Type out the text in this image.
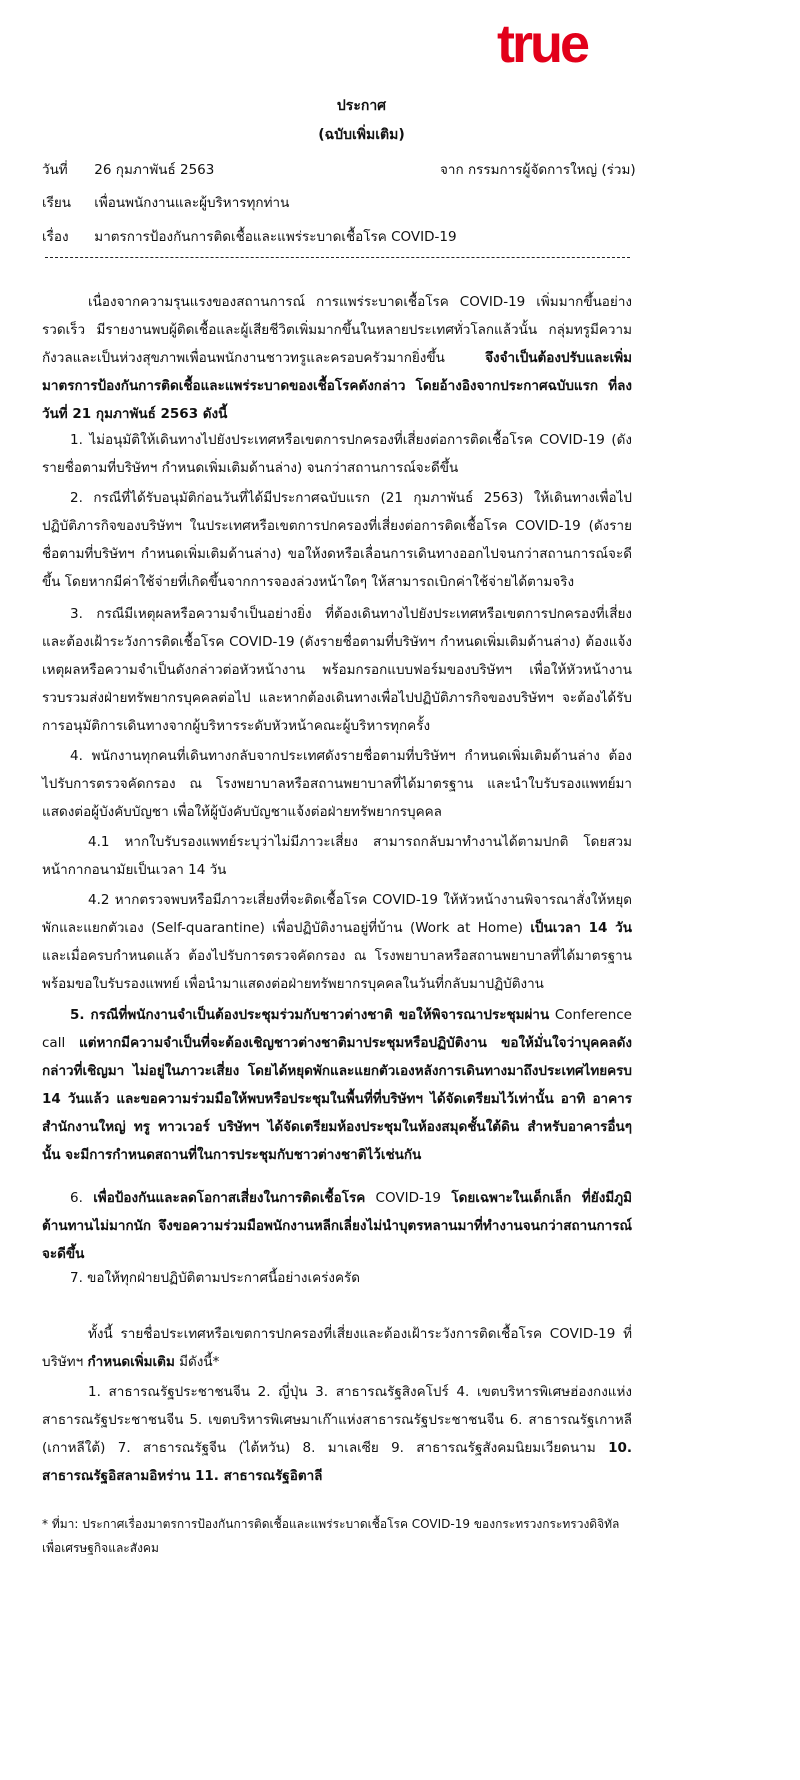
true
ประกาศ
(ฉบับเพิ่มเติม)
วันที่ 26 กุมภาพันธ์ 2563	จาก กรรมการผู้จัดการใหญ่ (ร่วม)
เรียน เพื่อนพนักงานและผู้บริหารทุกท่าน
เรื่อง มาตรการป้องกันการติดเชื้อและแพร่ระบาดเชื้อโรค COVID-19

เนื่องจากความรุนแรงของสถานการณ์ การแพร่ระบาดเชื้อโรค COVID-19 เพิ่มมากขึ้นอย่างรวดเร็ว มีรายงานพบผู้ติดเชื้อและผู้เสียชีวิตเพิ่มมากขึ้นในหลายประเทศทั่วโลกแล้วนั้น กลุ่มทรูมีความกังวลและเป็นห่วงสุขภาพเพื่อนพนักงานชาวทรูและครอบครัวมากยิ่งขึ้น	จึงจำเป็นต้องปรับและเพิ่มมาตรการป้องกันการติดเชื้อและแพร่ระบาดของเชื้อโรคดังกล่าว โดยอ้างอิงจากประกาศฉบับแรก ที่ลงวันที่ 21 กุมภาพันธ์ 2563 ดังนี้

1. ไม่อนุมัติให้เดินทางไปยังประเทศหรือเขตการปกครองที่เสี่ยงต่อการติดเชื้อโรค COVID-19 (ดังรายชื่อตามที่บริษัทฯ กำหนดเพิ่มเติมด้านล่าง) จนกว่าสถานการณ์จะดีขึ้น

2. กรณีที่ได้รับอนุมัติก่อนวันที่ได้มีประกาศฉบับแรก (21 กุมภาพันธ์ 2563) ให้เดินทางเพื่อไปปฏิบัติภารกิจของบริษัทฯ ในประเทศหรือเขตการปกครองที่เสี่ยงต่อการติดเชื้อโรค COVID-19 (ดังรายชื่อตามที่บริษัทฯ กำหนดเพิ่มเติมด้านล่าง) ขอให้งดหรือเลื่อนการเดินทางออกไปจนกว่าสถานการณ์จะดีขึ้น โดยหากมีค่าใช้จ่ายที่เกิดขึ้นจากการจองล่วงหน้าใดๆ ให้สามารถเบิกค่าใช้จ่ายได้ตามจริง

3. กรณีมีเหตุผลหรือความจำเป็นอย่างยิ่ง ที่ต้องเดินทางไปยังประเทศหรือเขตการปกครองที่เสี่ยงและต้องเฝ้าระวังการติดเชื้อโรค COVID-19 (ดังรายชื่อตามที่บริษัทฯ กำหนดเพิ่มเติมด้านล่าง) ต้องแจ้งเหตุผลหรือความจำเป็นดังกล่าวต่อหัวหน้างาน พร้อมกรอกแบบฟอร์มของบริษัทฯ เพื่อให้หัวหน้างานรวบรวมส่งฝ่ายทรัพยากรบุคคลต่อไป และหากต้องเดินทางเพื่อไปปฏิบัติภารกิจของบริษัทฯ จะต้องได้รับการอนุมัติการเดินทางจากผู้บริหารระดับหัวหน้าคณะผู้บริหารทุกครั้ง

4. พนักงานทุกคนที่เดินทางกลับจากประเทศดังรายชื่อตามที่บริษัทฯ กำหนดเพิ่มเติมด้านล่าง ต้องไปรับการตรวจคัดกรอง ณ โรงพยาบาลหรือสถานพยาบาลที่ได้มาตรฐาน และนำใบรับรองแพทย์มาแสดงต่อผู้บังคับบัญชา เพื่อให้ผู้บังคับบัญชาแจ้งต่อฝ่ายทรัพยากรบุคคล

4.1 หากใบรับรองแพทย์ระบุว่าไม่มีภาวะเสี่ยง สามารถกลับมาทำงานได้ตามปกติ โดยสวมหน้ากากอนามัยเป็นเวลา 14 วัน

4.2 หากตรวจพบหรือมีภาวะเสี่ยงที่จะติดเชื้อโรค COVID-19 ให้หัวหน้างานพิจารณาสั่งให้หยุดพักและแยกตัวเอง (Self-quarantine) เพื่อปฏิบัติงานอยู่ที่บ้าน (Work at Home) เป็นเวลา 14 วัน และเมื่อครบกำหนดแล้ว ต้องไปรับการตรวจคัดกรอง ณ โรงพยาบาลหรือสถานพยาบาลที่ได้มาตรฐาน พร้อมขอใบรับรองแพทย์ เพื่อนำมาแสดงต่อฝ่ายทรัพยากรบุคคลในวันที่กลับมาปฏิบัติงาน

5. กรณีที่พนักงานจำเป็นต้องประชุมร่วมกับชาวต่างชาติ ขอให้พิจารณาประชุมผ่าน Conference call แต่หากมีความจำเป็นที่จะต้องเชิญชาวต่างชาติมาประชุมหรือปฏิบัติงาน ขอให้มั่นใจว่าบุคคลดังกล่าวที่เชิญมา ไม่อยู่ในภาวะเสี่ยง โดยได้หยุดพักและแยกตัวเองหลังการเดินทางมาถึงประเทศไทยครบ 14 วันแล้ว และขอความร่วมมือให้พบหรือประชุมในพื้นที่ที่บริษัทฯ ได้จัดเตรียมไว้เท่านั้น อาทิ อาคารสำนักงานใหญ่ ทรู ทาวเวอร์ บริษัทฯ ได้จัดเตรียมห้องประชุมในห้องสมุดชั้นใต้ดิน สำหรับอาคารอื่นๆ นั้น จะมีการกำหนดสถานที่ในการประชุมกับชาวต่างชาติไว้เช่นกัน

6. เพื่อป้องกันและลดโอกาสเสี่ยงในการติดเชื้อโรค COVID-19 โดยเฉพาะในเด็กเล็ก ที่ยังมีภูมิต้านทานไม่มากนัก จึงขอความร่วมมือพนักงานหลีกเลี่ยงไม่นำบุตรหลานมาที่ทำงานจนกว่าสถานการณ์จะดีขึ้น

7. ขอให้ทุกฝ่ายปฏิบัติตามประกาศนี้อย่างเคร่งครัด

ทั้งนี้ รายชื่อประเทศหรือเขตการปกครองที่เสี่ยงและต้องเฝ้าระวังการติดเชื้อโรค COVID-19 ที่บริษัทฯ กำหนดเพิ่มเติม มีดังนี้*

1. สาธารณรัฐประชาชนจีน 2. ญี่ปุ่น 3. สาธารณรัฐสิงคโปร์ 4. เขตบริหารพิเศษฮ่องกงแห่งสาธารณรัฐประชาชนจีน 5. เขตบริหารพิเศษมาเก๊าแห่งสาธารณรัฐประชาชนจีน 6. สาธารณรัฐเกาหลี (เกาหลีใต้) 7. สาธารณรัฐจีน (ไต้หวัน) 8. มาเลเซีย 9. สาธารณรัฐสังคมนิยมเวียดนาม 10. สาธารณรัฐอิสลามอิหร่าน 11. สาธารณรัฐอิตาลี

* ที่มา: ประกาศเรื่องมาตรการป้องกันการติดเชื้อและแพร่ระบาดเชื้อโรค COVID-19 ของกระทรวงกระทรวงดิจิทัลเพื่อเศรษฐกิจและสังคม
